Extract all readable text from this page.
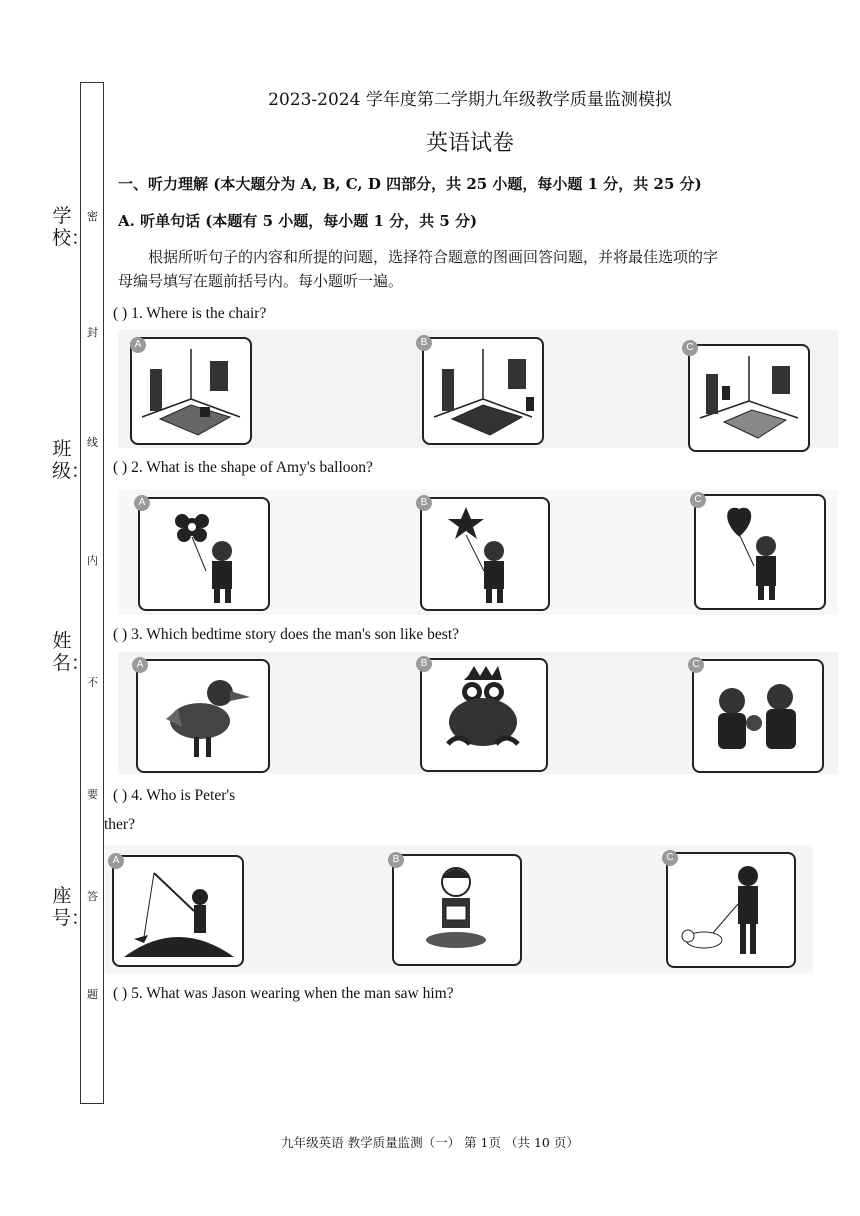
学校：
班级：
姓名：
座号：
密
封
线
内
不
要
答
题
2023-2024 学年度第二学期九年级教学质量监测模拟
英语试卷
一、听力理解 (本大题分为 A, B, C, D 四部分，共 25 小题，每小题 1 分，共 25 分)
A. 听单句话 (本题有 5 小题，每小题 1 分，共 5 分)
根据所听句子的内容和所提的问题，选择符合题意的图画回答问题，并将最佳选项的字
母编号填写在题前括号内。每小题听一遍。
( ) 1. Where is the chair?
A	B	C
( ) 2. What is the shape of Amy's balloon?
A	B	C
( ) 3. Which bedtime story does the man's son like best?
A	B	C
( ) 4. Who is Peter's
ther?
A	B	C
( ) 5. What was Jason wearing when the man saw him?
九年级英语 教学质量监测（一） 第 1页 （共 10 页）
